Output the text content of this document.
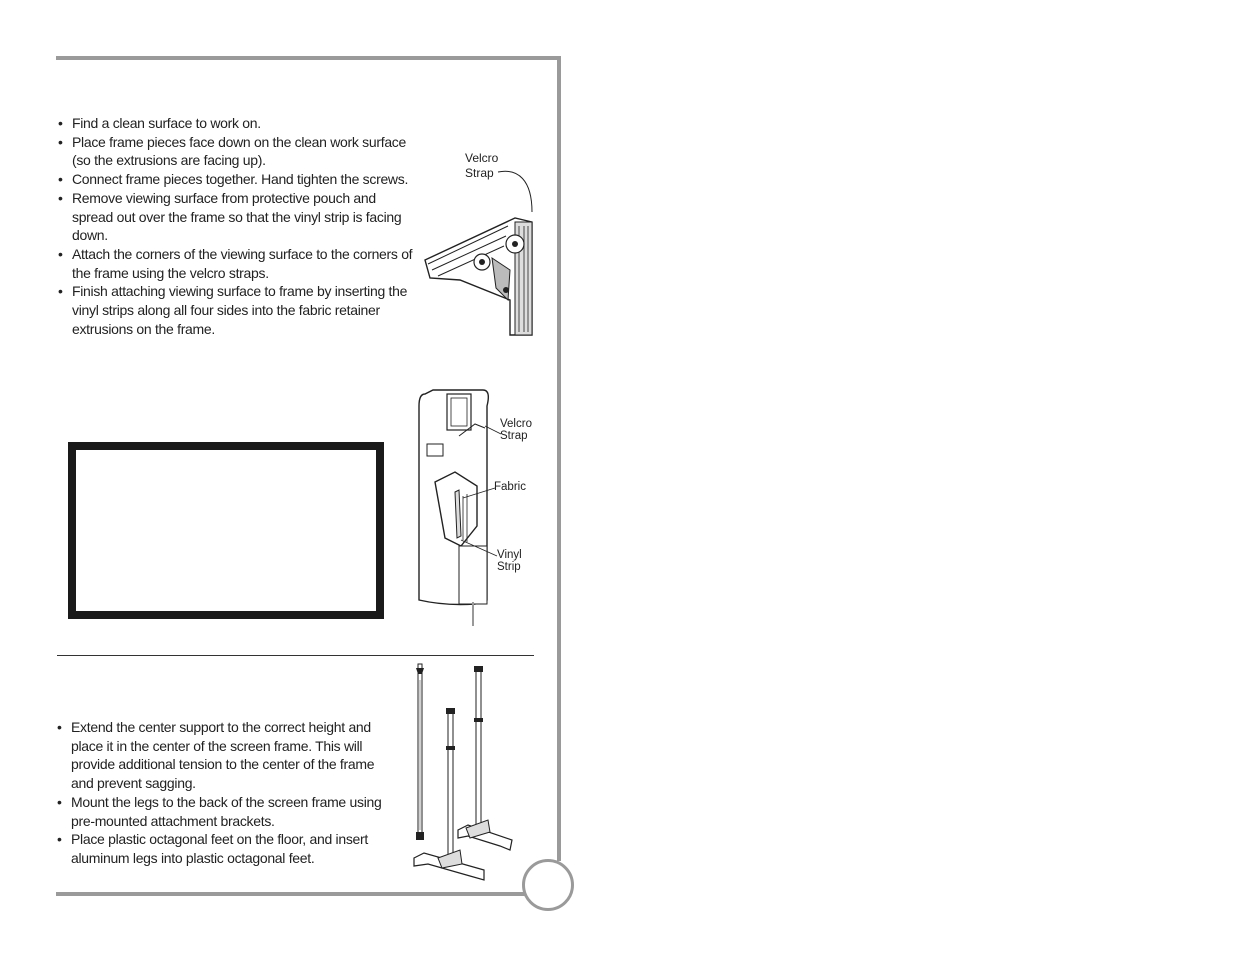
• Find a clean surface to work on.
• Place frame pieces face down on the clean work surface (so the extrusions are facing up).
• Connect frame pieces together. Hand tighten the screws.
• Remove viewing surface from protective pouch and spread out over the frame so that the vinyl strip is facing down.
• Attach the corners of the viewing surface to the corners of the frame using the velcro straps.
• Finish attaching viewing surface to frame by inserting the vinyl strips along all four sides into the fabric retainer extrusions on the frame.
Velcro
Strap
Velcro
Strap
Fabric
Vinyl
Strip
• Extend the center support to the correct height and place it in the center of the screen frame. This will provide additional tension to the center of the frame and prevent sagging.
• Mount the legs to the back of the screen frame using pre-mounted attachment brackets.
• Place plastic octagonal feet on the floor, and insert aluminum legs into plastic octagonal feet.
